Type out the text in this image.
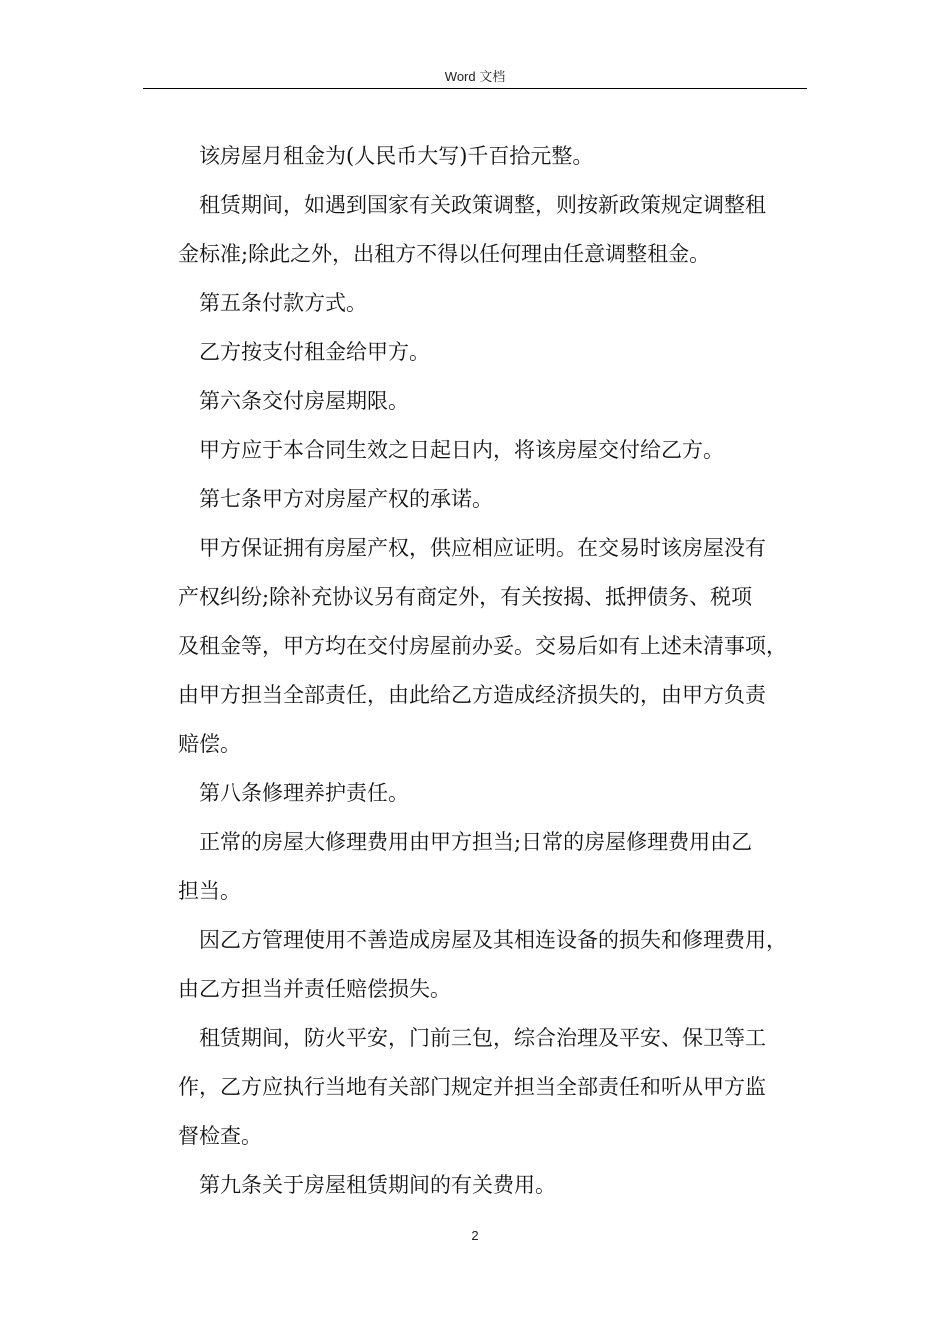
Word 文档

该房屋月租金为(人民币大写)千百拾元整。

租赁期间，如遇到国家有关政策调整，则按新政策规定调整租
金标准;除此之外，出租方不得以任何理由任意调整租金。

第五条付款方式。

乙方按支付租金给甲方。

第六条交付房屋期限。

甲方应于本合同生效之日起日内，将该房屋交付给乙方。

第七条甲方对房屋产权的承诺。

甲方保证拥有房屋产权，供应相应证明。在交易时该房屋没有
产权纠纷;除补充协议另有商定外，有关按揭、抵押债务、税项
及租金等，甲方均在交付房屋前办妥。交易后如有上述未清事项，
由甲方担当全部责任，由此给乙方造成经济损失的，由甲方负责
赔偿。

第八条修理养护责任。

正常的房屋大修理费用由甲方担当;日常的房屋修理费用由乙
担当。

因乙方管理使用不善造成房屋及其相连设备的损失和修理费用，
由乙方担当并责任赔偿损失。

租赁期间，防火平安，门前三包，综合治理及平安、保卫等工
作，乙方应执行当地有关部门规定并担当全部责任和听从甲方监
督检查。

第九条关于房屋租赁期间的有关费用。

2
